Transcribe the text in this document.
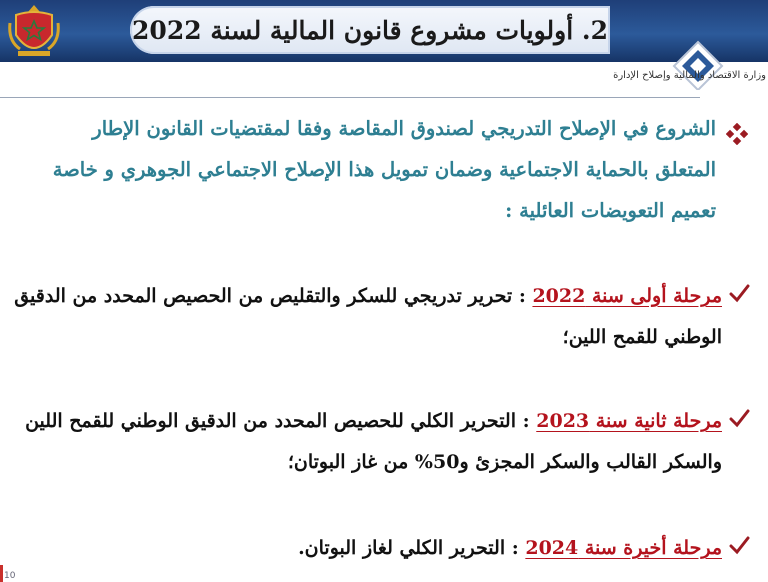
2. أولويات مشروع قانون المالية لسنة 2022
وزارة الاقتصاد والمالية وإصلاح الإدارة
الشروع في الإصلاح التدريجي لصندوق المقاصة وفقا لمقتضيات القانون الإطار المتعلق بالحماية الاجتماعية وضمان تمويل هذا الإصلاح الاجتماعي الجوهري و خاصة تعميم التعويضات العائلية :
مرحلة أولى سنة 2022 : تحرير تدريجي للسكر والتقليص من الحصيص المحدد من الدقيق الوطني للقمح اللين؛
مرحلة ثانية سنة 2023 : التحرير الكلي للحصيص المحدد من الدقيق الوطني للقمح اللين والسكر القالب والسكر المجزئ و50% من غاز البوتان؛
مرحلة أخيرة سنة 2024 : التحرير الكلي لغاز البوتان.
10
